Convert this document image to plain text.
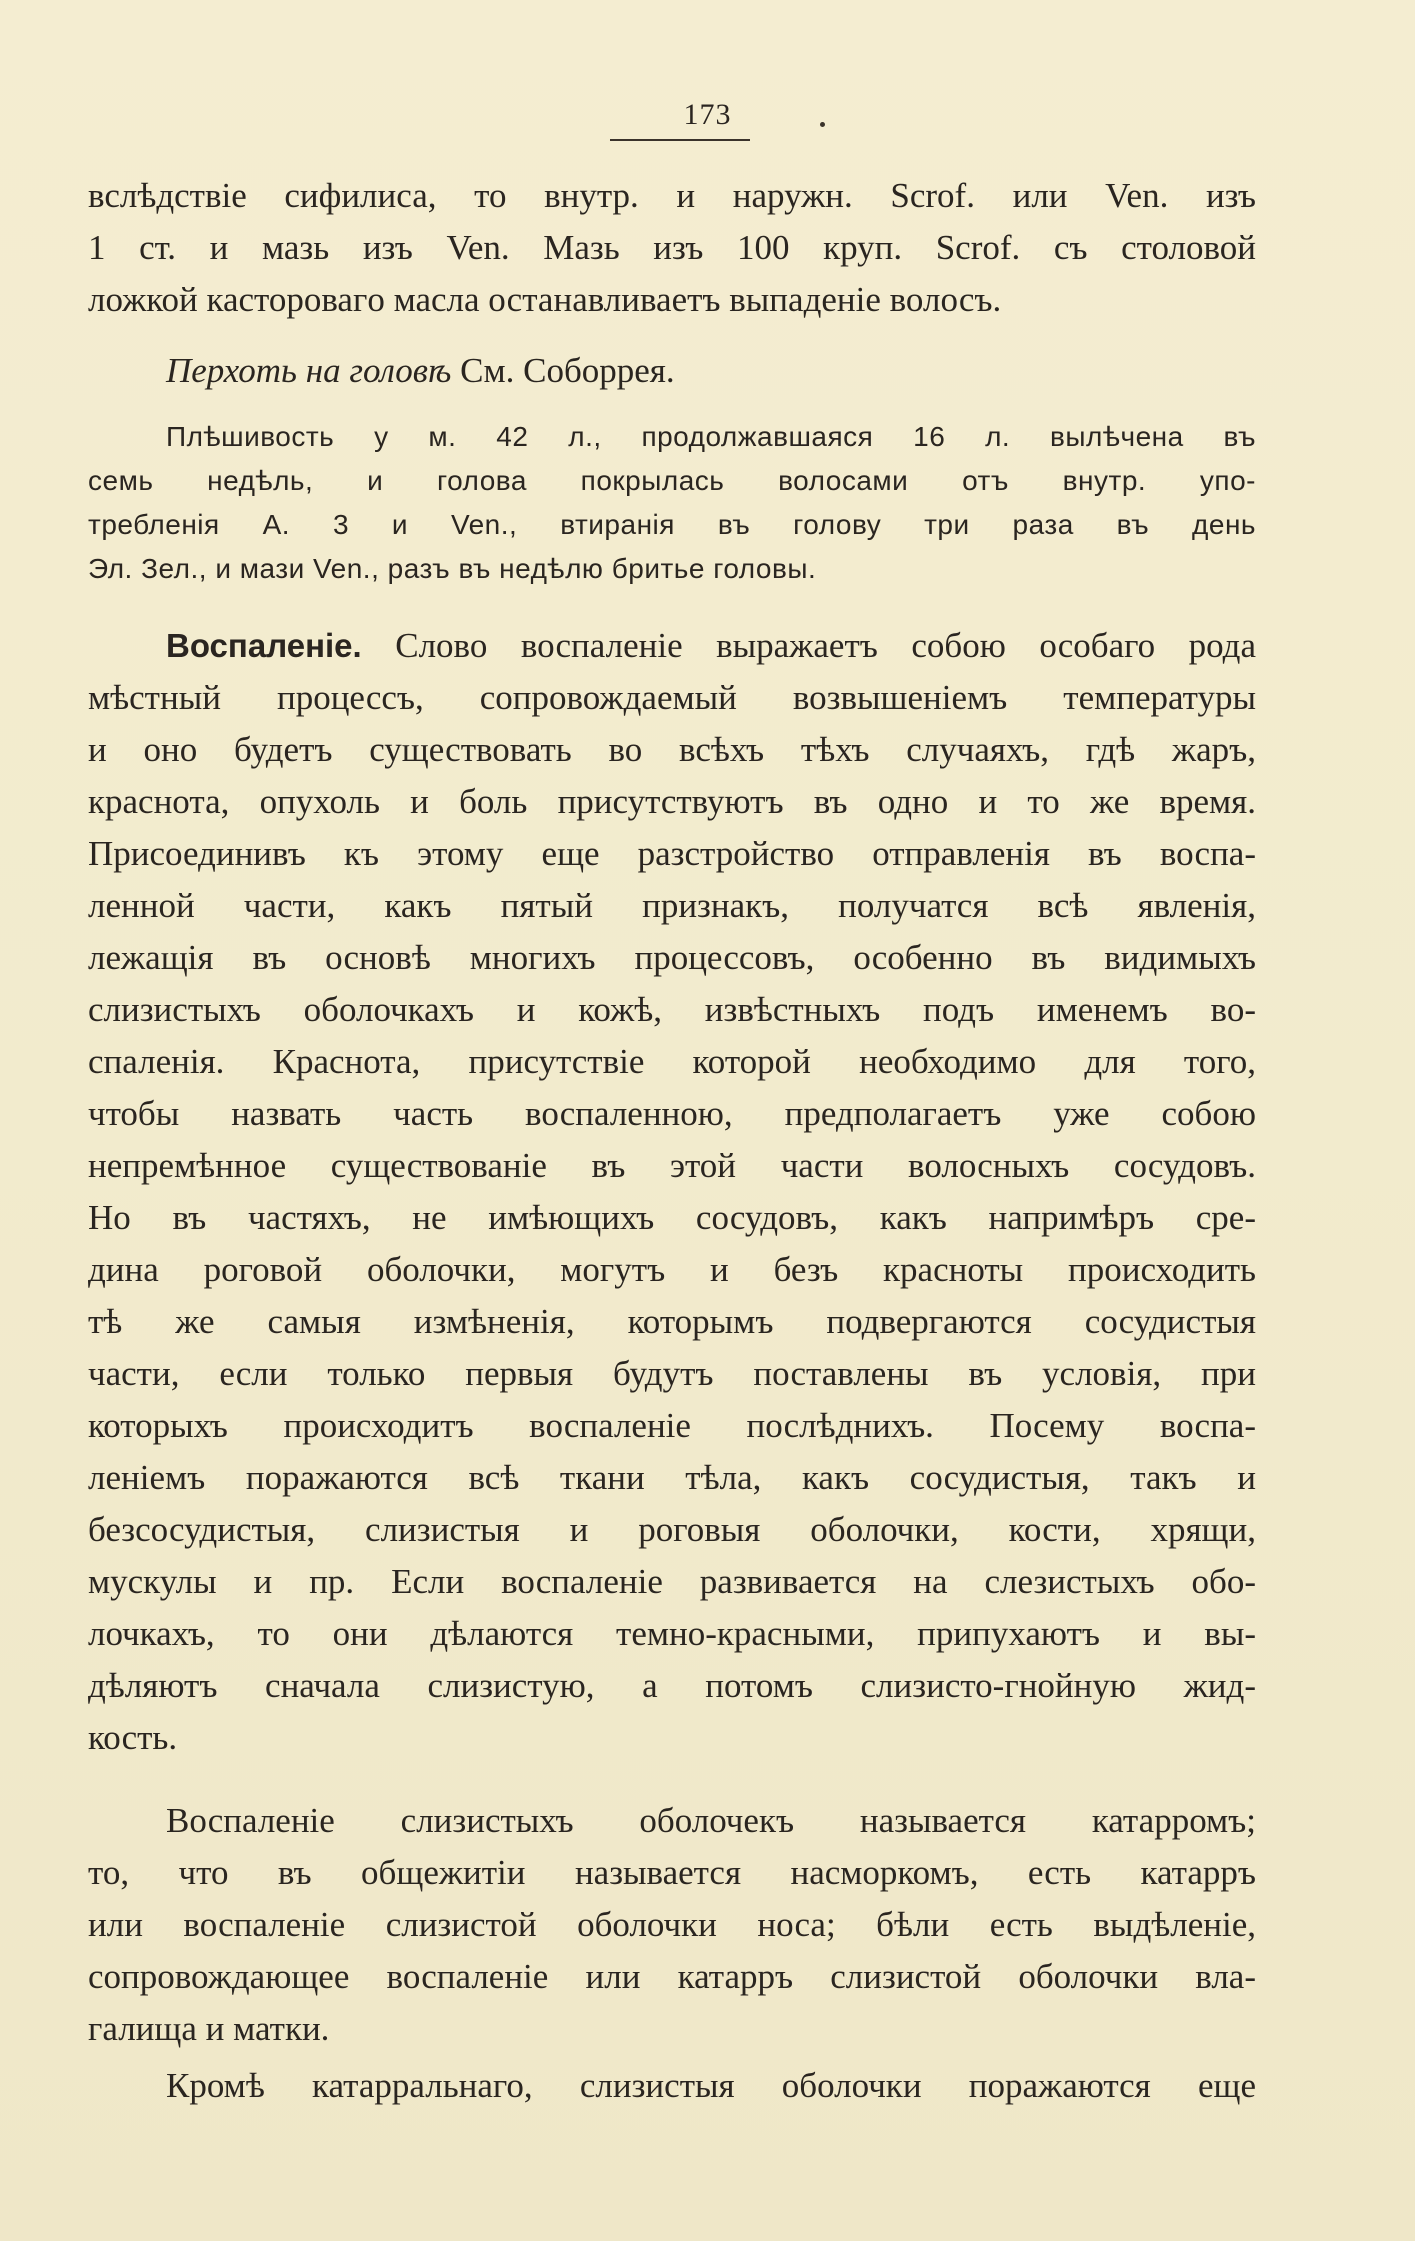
173
вслѣдствіе сифилиса, то внутр. и наружн. Scrof. или Ven. изъ
1 ст. и мазь изъ Ven. Мазь изъ 100 круп. Scrof. съ столовой
ложкой касторовагo масла останавливаетъ выпаденіе волосъ.
Перхоть на головѣ См. Соборрея.
Плѣшивость у м. 42 л., продолжавшаяся 16 л. вылѣчена въ
семь недѣль, и голова покрылась волосами отъ внутр. упо-
требленія А. 3 и Ven., втиранія въ голову три раза въ день
Эл. Зел., и мази Ven., разъ въ недѣлю бритье головы.
Воспаленіе. Слово воспаленіе выражаетъ собою особаго рода
мѣстный процессъ, сопровождаемый возвышеніемъ температуры
и оно будетъ существовать во всѣхъ тѣхъ случаяхъ, гдѣ жаръ,
краснота, опухоль и боль присутствуютъ въ одно и то же время.
Присоединивъ къ этому еще разстройство отправленія въ воспа-
ленной части, какъ пятый признакъ, получатся всѣ явленія,
лежащія въ основѣ многихъ процессовъ, особенно въ видимыхъ
слизистыхъ оболочкахъ и кожѣ, извѣстныхъ подъ именемъ во-
спаленія. Краснота, присутствіе которой необходимо для того,
чтобы назвать часть воспаленною, предполагаетъ уже собою
непремѣнное существованіе въ этой части волосныхъ сосудовъ.
Но въ частяхъ, не имѣющихъ сосудовъ, какъ напримѣръ сре-
дина роговой оболочки, могутъ и безъ красноты происходить
тѣ же самыя измѣненія, которымъ подвергаются сосудистыя
части, если только первыя будутъ поставлены въ условія, при
которыхъ происходитъ воспаленіе послѣднихъ. Посему воспа-
леніемъ поражаются всѣ ткани тѣла, какъ сосудистыя, такъ и
безсосудистыя, слизистыя и роговыя оболочки, кости, хрящи,
мускулы и пр. Если воспаленіе развивается на слезистыхъ обо-
лочкахъ, то они дѣлаются темно-красными, припухаютъ и вы-
дѣляютъ сначала слизистую, а потомъ слизисто-гнойную жид-
кость.
Воспаленіе слизистыхъ оболочекъ называется катарромъ;
то, что въ общежитіи называется насморкомъ, есть катарръ
или воспаленіе слизистой оболочки носа; бѣли есть выдѣленіе,
сопровождающее воспаленіе или катарръ слизистой оболочки вла-
галища и матки.
Кромѣ катарральнаго, слизистыя оболочки поражаются еще
